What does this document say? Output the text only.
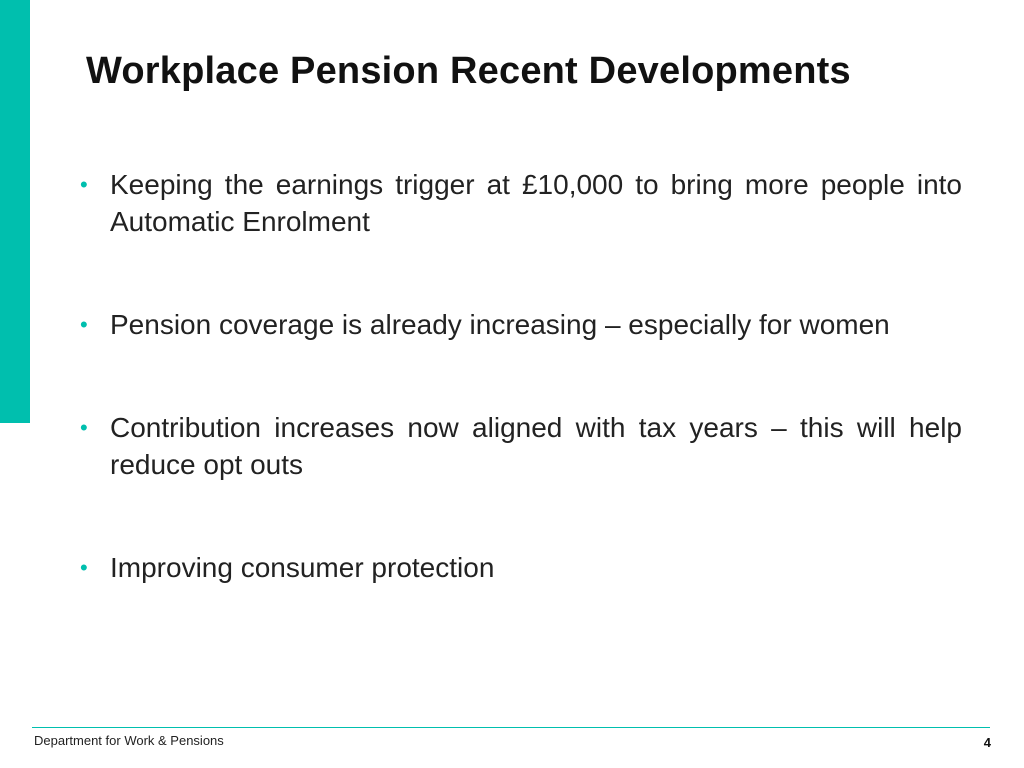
Workplace Pension Recent Developments
• Keeping the earnings trigger at £10,000 to bring more people into Automatic Enrolment
• Pension coverage is already increasing – especially for women
• Contribution increases now aligned with tax years – this will help reduce opt outs
• Improving consumer protection
Department for Work & Pensions	4
